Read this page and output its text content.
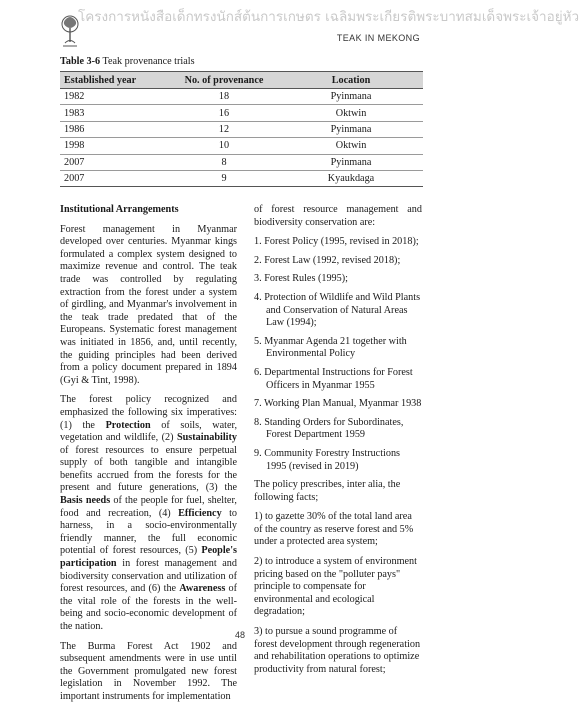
โครงการหนังสือเด็กทรงนักส์ต้นการเกษตร เฉลิมพระเกียรติพระบาทสมเด็จพระเจ้าอยู่หัว
TEAK IN MEKONG
Table 3-6 Teak provenance trials
Established year	No. of provenance	Location
1982	18	Pyinmana
1983	16	Oktwin
1986	12	Pyinmana
1998	10	Oktwin
2007	8	Pyinmana
2007	9	Kyaukdaga
Institutional Arrangements

Forest management in Myanmar developed over centuries. Myanmar kings formulated a complex system designed to maximize revenue and control. The teak trade was controlled by regulating extraction from the forest under a system of girdling, and Myanmar's involvement in the teak trade predated that of the Europeans. Systematic forest management was initiated in 1856, and, until recently, the guiding principles had been derived from a policy document prepared in 1894 (Gyi & Tint, 1998).

The forest policy recognized and emphasized the following six imperatives: (1) the Protection of soils, water, vegetation and wildlife, (2) Sustainability of forest resources to ensure perpetual supply of both tangible and intangible benefits accrued from the forests for the present and future generations, (3) the Basis needs of the people for fuel, shelter, food and recreation, (4) Efficiency to harness, in a socio-environmentally friendly manner, the full economic potential of forest resources, (5) People's participation in forest management and biodiversity conservation and utilization of forest resources, and (6) the Awareness of the vital role of the forests in the well-being and socio-economic development of the nation.

The Burma Forest Act 1902 and subsequent amendments were in use until the Government promulgated new forest legislation in November 1992. The important instruments for implementation

of forest resource management and biodiversity conservation are:

1. Forest Policy (1995, revised in 2018);
2. Forest Law (1992, revised 2018);
3. Forest Rules (1995);
4. Protection of Wildlife and Wild Plants and Conservation of Natural Areas Law (1994);
5. Myanmar Agenda 21 together with Environmental Policy
6. Departmental Instructions for Forest Officers in Myanmar 1955
7. Working Plan Manual, Myanmar 1938
8. Standing Orders for Subordinates, Forest Department 1959
9. Community Forestry Instructions 1995 (revised in 2019)

The policy prescribes, inter alia, the following facts;

1) to gazette 30% of the total land area of the country as reserve forest and 5% under a protected area system;

2) to introduce a system of environment pricing based on the "polluter pays" principle to compensate for environmental and ecological degradation;

3) to pursue a sound programme of forest development through regeneration and rehabilitation operations to optimize productivity from natural forest;

48
